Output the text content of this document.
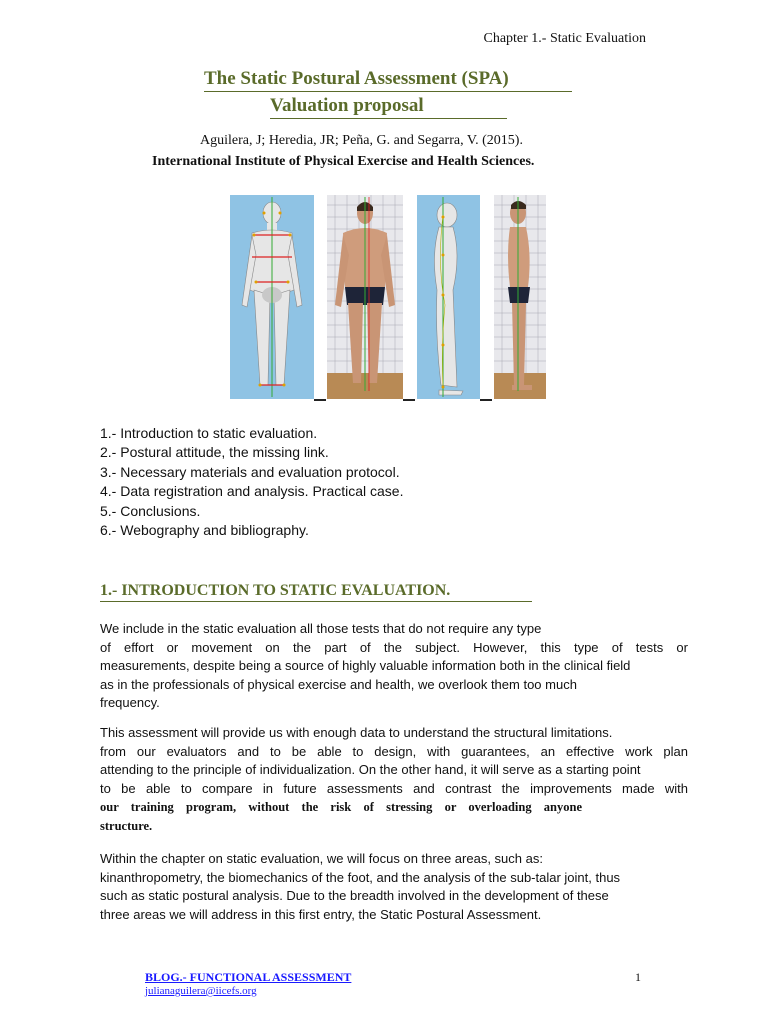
Chapter 1.- Static Evaluation
The Static Postural Assessment (SPA)
Valuation proposal
Aguilera, J; Heredia, JR; Peña, G. and Segarra, V. (2015).
International Institute of Physical Exercise and Health Sciences.
1.- Introduction to static evaluation.
2.- Postural attitude, the missing link.
3.- Necessary materials and evaluation protocol.
4.- Data registration and analysis. Practical case.
5.- Conclusions.
6.- Webography and bibliography.
1.- INTRODUCTION TO STATIC EVALUATION.
We include in the static evaluation all those tests that do not require any type
of effort or movement on the part of the subject. However, this type of tests or
measurements, despite being a source of highly valuable information both in the clinical field
as in the professionals of physical exercise and health, we overlook them too much
frequency.
This assessment will provide us with enough data to understand the structural limitations.
from our evaluators and to be able to design, with guarantees, an effective work plan
attending to the principle of individualization. On the other hand, it will serve as a starting point
to be able to compare in future assessments and contrast the improvements made with
our training program, without the risk of stressing or overloading anyone
structure.
Within the chapter on static evaluation, we will focus on three areas, such as:
kinanthropometry, the biomechanics of the foot, and the analysis of the sub-talar joint, thus
such as static postural analysis. Due to the breadth involved in the development of these
three areas we will address in this first entry, the Static Postural Assessment.
BLOG.- FUNCTIONAL ASSESSMENT
julianaguilera@iicefs.org
1
